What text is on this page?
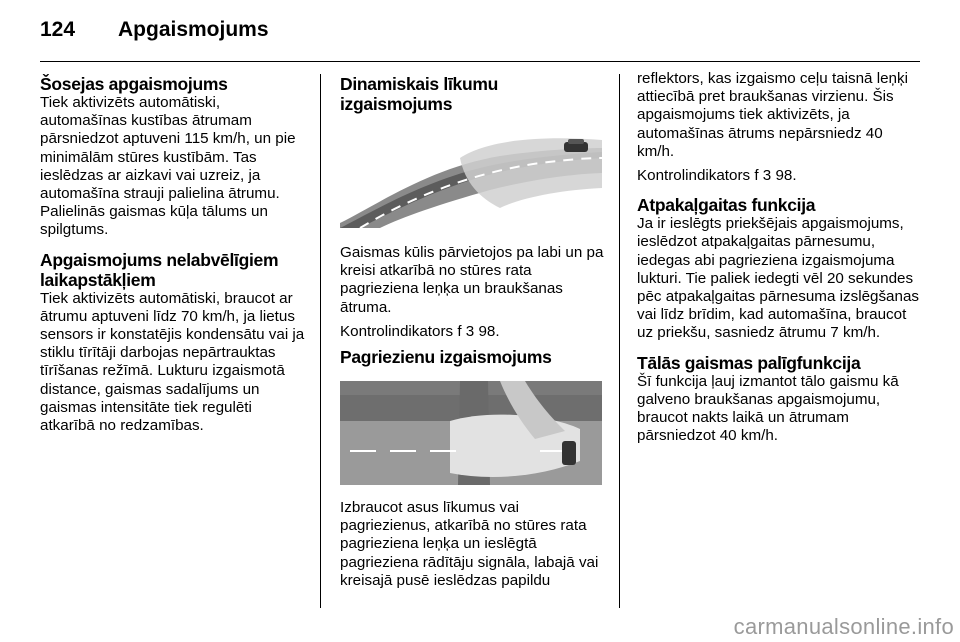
124 Apgaismojums
Šosejas apgaismojums

Tiek aktivizēts automātiski, automašīnas kustības ātrumam pārsniedzot aptuveni 115 km/h, un pie minimālām stūres kustībām. Tas ieslēdzas ar aizkavi vai uzreiz, ja automašīna strauji palielina ātrumu. Palielinās gaismas kūļa tālums un spilgtums.

Apgaismojums nelabvēlīgiem laikapstākļiem

Tiek aktivizēts automātiski, braucot ar ātrumu aptuveni līdz 70 km/h, ja lietus sensors ir konstatējis kondensātu vai ja stiklu tīrītāji darbojas nepārtrauktas tīrīšanas režīmā. Lukturu izgaismotā distance, gaismas sadalījums un gaismas intensitāte tiek regulēti atkarībā no redzamības.

Dinamiskais līkumu izgaismojums

Gaismas kūlis pārvietojos pa labi un pa kreisi atkarībā no stūres rata pagrieziena leņķa un braukšanas ātruma.

Kontrolindikators f 3 98.

Pagriezienu izgaismojums

Izbraucot asus līkumus vai pagriezienus, atkarībā no stūres rata pagrieziena leņķa un ieslēgtā pagrieziena rādītāju signāla, labajā vai kreisajā pusē ieslēdzas papildu

reflektors, kas izgaismo ceļu taisnā leņķi attiecībā pret braukšanas virzienu. Šis apgaismojums tiek aktivizēts, ja automašīnas ātrums nepārsniedz 40 km/h.

Kontrolindikators f 3 98.

Atpakaļgaitas funkcija

Ja ir ieslēgts priekšējais apgaismojums, ieslēdzot atpakaļgaitas pārnesumu, iedegas abi pagrieziena izgaismojuma lukturi. Tie paliek iedegti vēl 20 sekundes pēc atpakaļgaitas pārnesuma izslēgšanas vai līdz brīdim, kad automašīna, braucot uz priekšu, sasniedz ātrumu 7 km/h.

Tālās gaismas palīgfunkcija

Šī funkcija ļauj izmantot tālo gaismu kā galveno braukšanas apgaismojumu, braucot nakts laikā un ātrumam pārsniedzot 40 km/h.

carmanualsonline.info
